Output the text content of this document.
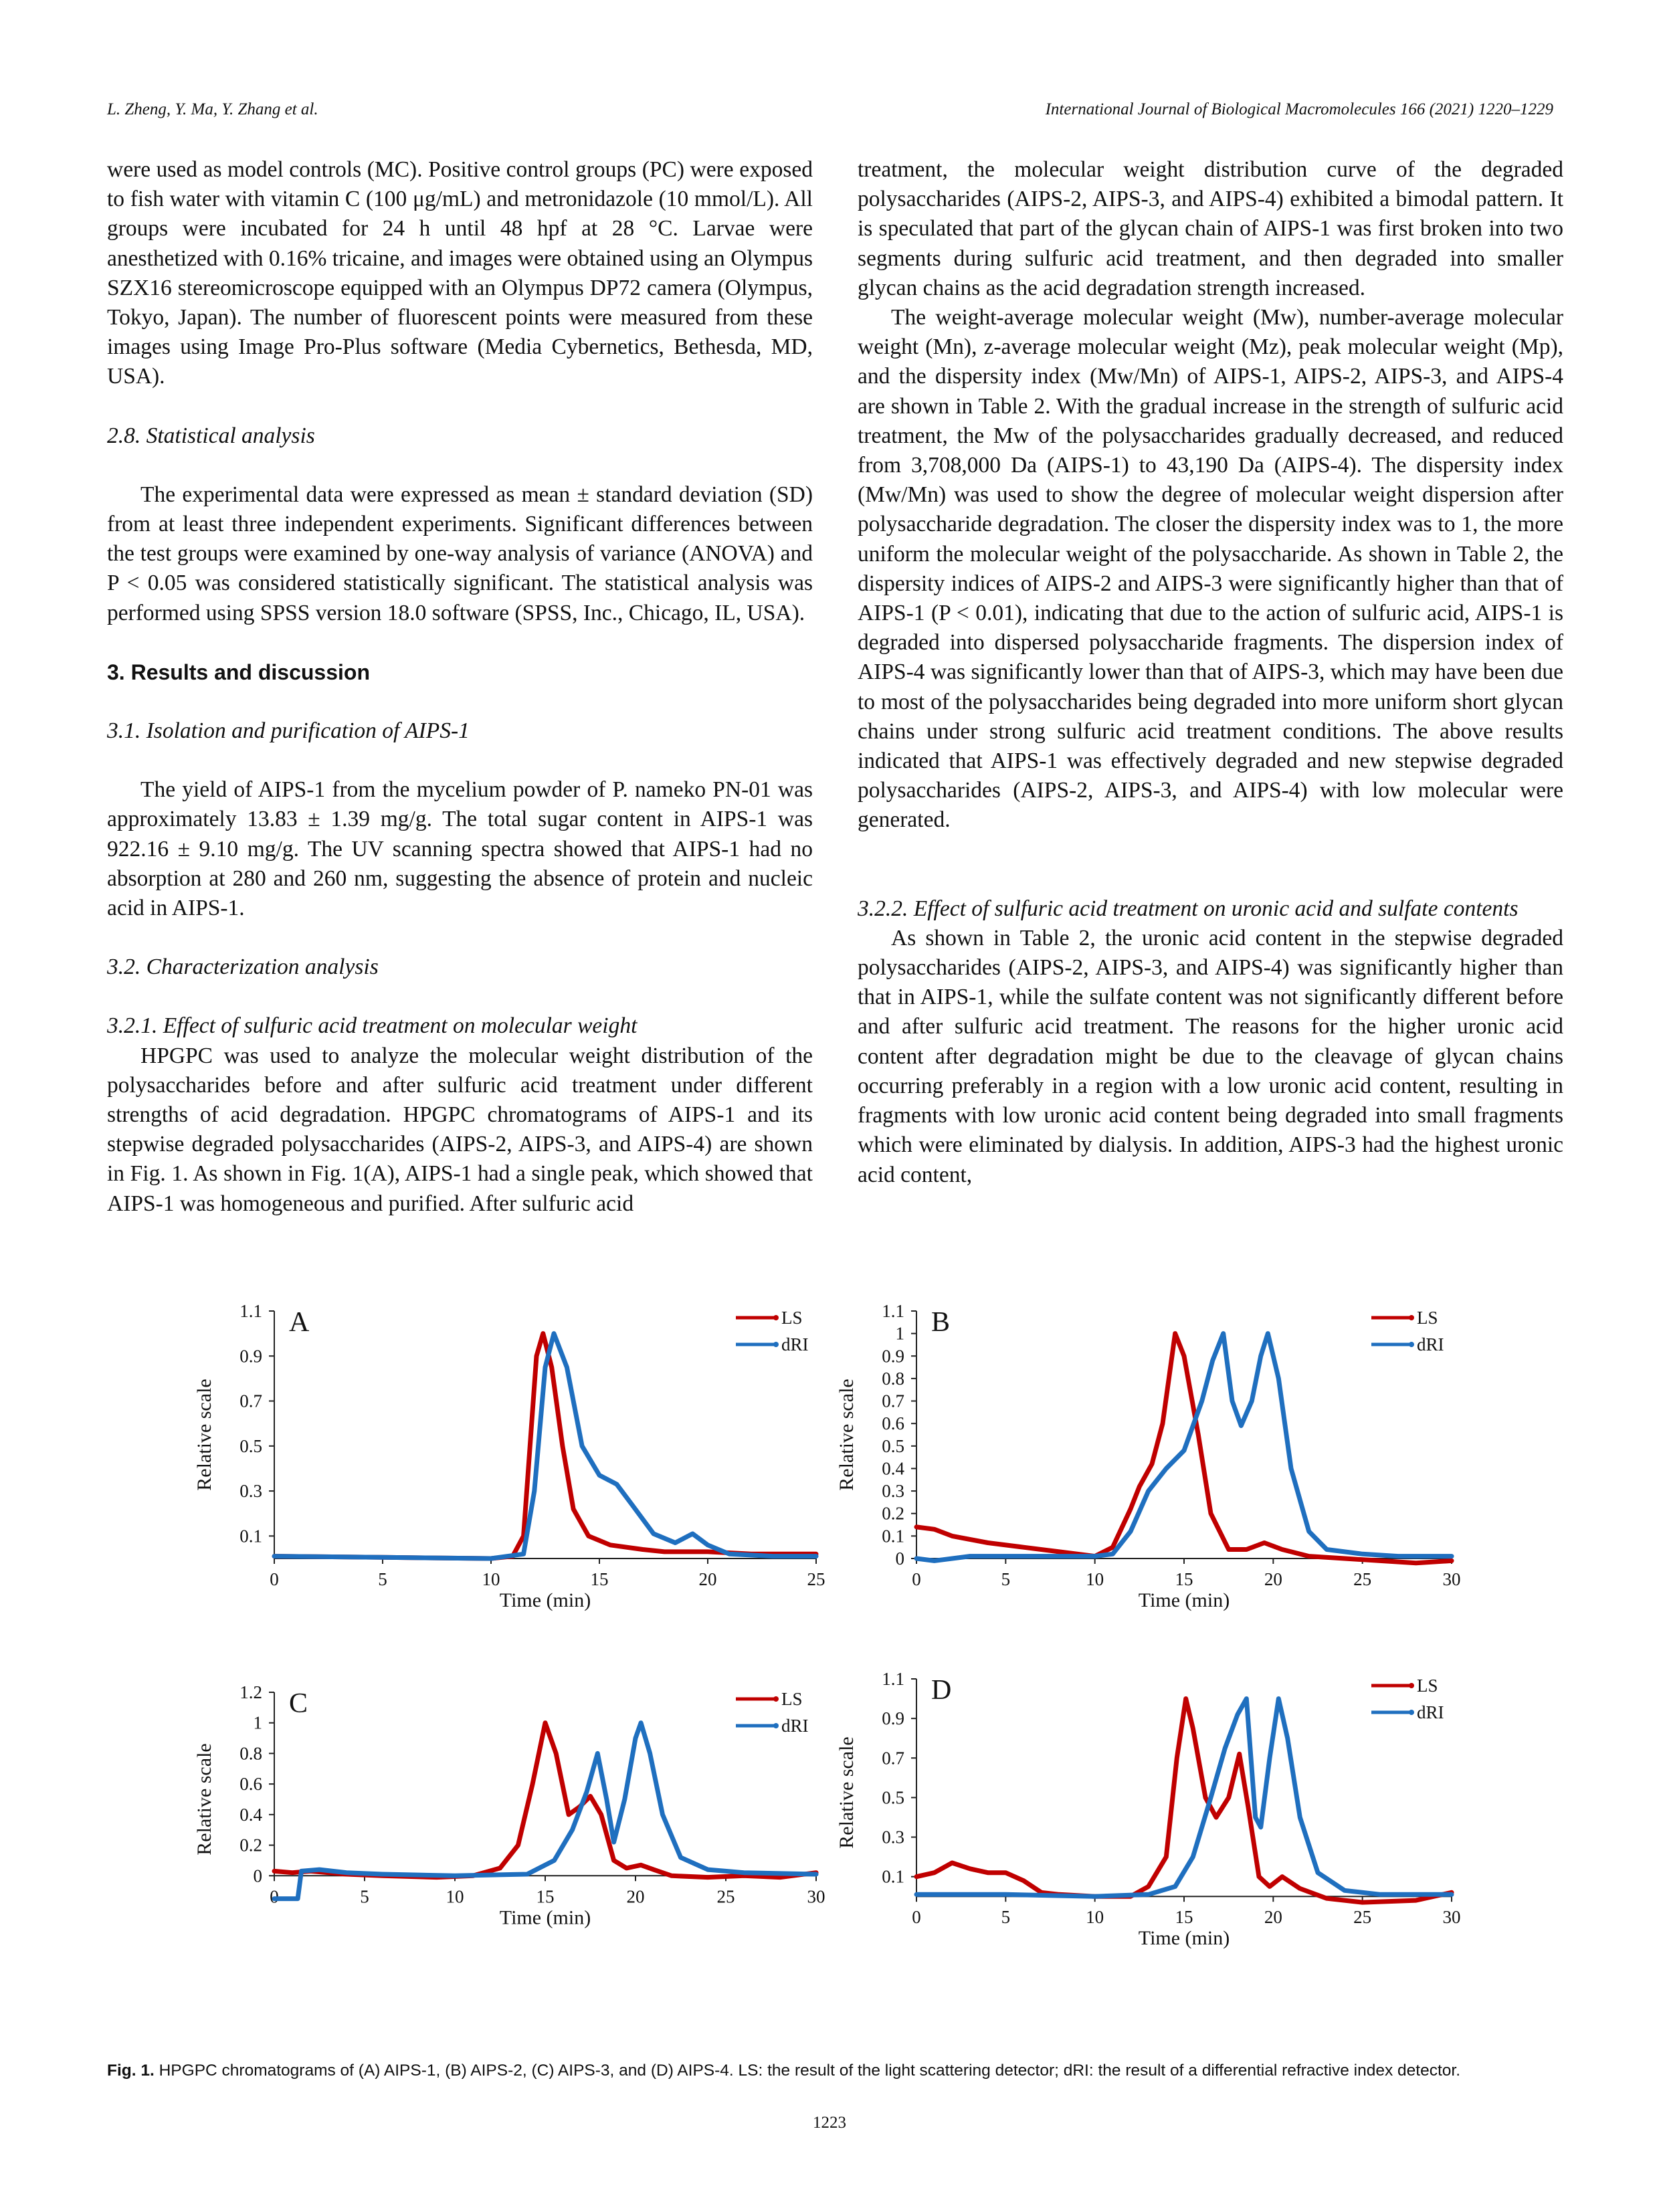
L. Zheng, Y. Ma, Y. Zhang et al.	International Journal of Biological Macromolecules 166 (2021) 1220–1229

were used as model controls (MC). Positive control groups (PC) were exposed to fish water with vitamin C (100 μg/mL) and metronidazole (10 mmol/L). All groups were incubated for 24 h until 48 hpf at 28 °C. Larvae were anesthetized with 0.16% tricaine, and images were obtained using an Olympus SZX16 stereomicroscope equipped with an Olympus DP72 camera (Olympus, Tokyo, Japan). The number of fluorescent points were measured from these images using Image Pro-Plus software (Media Cybernetics, Bethesda, MD, USA).

2.8. Statistical analysis

The experimental data were expressed as mean ± standard deviation (SD) from at least three independent experiments. Significant differences between the test groups were examined by one-way analysis of variance (ANOVA) and P < 0.05 was considered statistically significant. The statistical analysis was performed using SPSS version 18.0 software (SPSS, Inc., Chicago, IL, USA).

3. Results and discussion

3.1. Isolation and purification of AIPS-1

The yield of AIPS-1 from the mycelium powder of P. nameko PN-01 was approximately 13.83 ± 1.39 mg/g. The total sugar content in AIPS-1 was 922.16 ± 9.10 mg/g. The UV scanning spectra showed that AIPS-1 had no absorption at 280 and 260 nm, suggesting the absence of protein and nucleic acid in AIPS-1.

3.2. Characterization analysis

3.2.1. Effect of sulfuric acid treatment on molecular weight

HPGPC was used to analyze the molecular weight distribution of the polysaccharides before and after sulfuric acid treatment under different strengths of acid degradation. HPGPC chromatograms of AIPS-1 and its stepwise degraded polysaccharides (AIPS-2, AIPS-3, and AIPS-4) are shown in Fig. 1. As shown in Fig. 1(A), AIPS-1 had a single peak, which showed that AIPS-1 was homogeneous and purified. After sulfuric acid

treatment, the molecular weight distribution curve of the degraded polysaccharides (AIPS-2, AIPS-3, and AIPS-4) exhibited a bimodal pattern. It is speculated that part of the glycan chain of AIPS-1 was first broken into two segments during sulfuric acid treatment, and then degraded into smaller glycan chains as the acid degradation strength increased.

The weight-average molecular weight (Mw), number-average molecular weight (Mn), z-average molecular weight (Mz), peak molecular weight (Mp), and the dispersity index (Mw/Mn) of AIPS-1, AIPS-2, AIPS-3, and AIPS-4 are shown in Table 2. With the gradual increase in the strength of sulfuric acid treatment, the Mw of the polysaccharides gradually decreased, and reduced from 3,708,000 Da (AIPS-1) to 43,190 Da (AIPS-4). The dispersity index (Mw/Mn) was used to show the degree of molecular weight dispersion after polysaccharide degradation. The closer the dispersity index was to 1, the more uniform the molecular weight of the polysaccharide. As shown in Table 2, the dispersity indices of AIPS-2 and AIPS-3 were significantly higher than that of AIPS-1 (P < 0.01), indicating that due to the action of sulfuric acid, AIPS-1 is degraded into dispersed polysaccharide fragments. The dispersion index of AIPS-4 was significantly lower than that of AIPS-3, which may have been due to most of the polysaccharides being degraded into more uniform short glycan chains under strong sulfuric acid treatment conditions. The above results indicated that AIPS-1 was effectively degraded and new stepwise degraded polysaccharides (AIPS-2, AIPS-3, and AIPS-4) with low molecular were generated.

3.2.2. Effect of sulfuric acid treatment on uronic acid and sulfate contents

As shown in Table 2, the uronic acid content in the stepwise degraded polysaccharides (AIPS-2, AIPS-3, and AIPS-4) was significantly higher than that in AIPS-1, while the sulfate content was not significantly different before and after sulfuric acid treatment. The reasons for the higher uronic acid content after degradation might be due to the cleavage of glycan chains occurring preferably in a region with a low uronic acid content, resulting in fragments with low uronic acid content being degraded into small fragments which were eliminated by dialysis. In addition, AIPS-3 had the highest uronic acid content,

0.1
0.3
0.5
0.7
0.9
1.1
0	5	10	15	20	25
Time (min)
Relative scale
A	LS
dRI
0
0.1
0.2
0.3
0.4
0.5
0.6
0.7
0.8
0.9
1
1.1
0	5	10	15	20	25	30
Time (min)
Relative scale
B	LS
dRI
0
0.2
0.4
0.6
0.8
1
1.2
0	5	10	15	20	25	30
Time (min)
Relative scale
C	LS
dRI
0.1
0.3
0.5
0.7
0.9
1.1
0	5	10	15	20	25	30
Time (min)
Relative scale
D	LS
dRI
Fig. 1. HPGPC chromatograms of (A) AIPS-1, (B) AIPS-2, (C) AIPS-3, and (D) AIPS-4. LS: the result of the light scattering detector; dRI: the result of a differential refractive index detector.
1223
